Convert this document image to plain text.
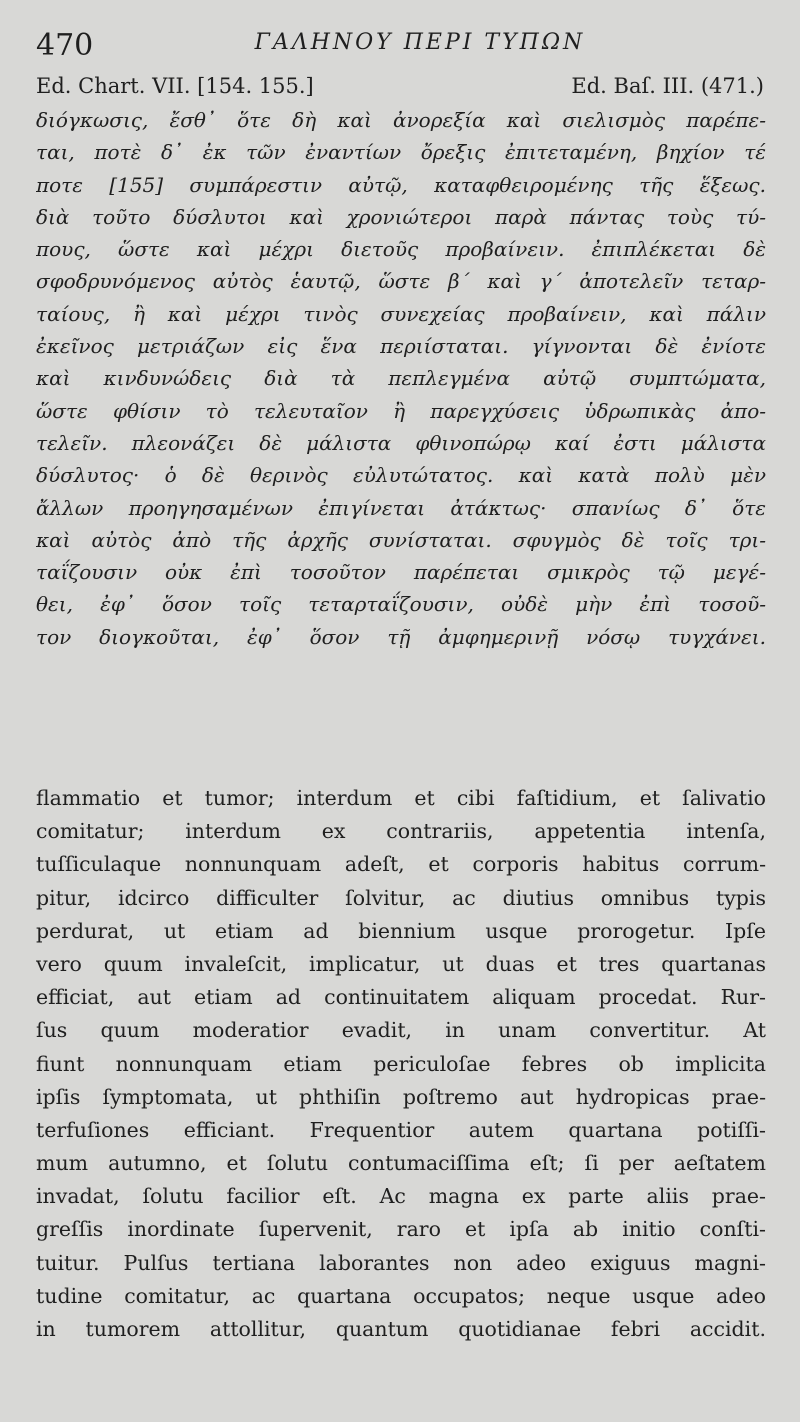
470	ΓΑΛΗΝΟΥ ΠΕΡΙ ΤΥΠΩΝ
Ed. Chart. VII. [154. 155.]	Ed. Baſ. III. (471.)
διόγκωσις, ἔσθ᾽ ὅτε δὴ καὶ ἀνορεξία καὶ σιελισμὸς παρέπε-
ται, ποτὲ δ᾽ ἐκ τῶν ἐναντίων ὄρεξις ἐπιτεταμένη, βηχίον τέ
ποτε [155] συμπάρεστιν αὐτῷ, καταφθειρομένης τῆς ἕξεως.
διὰ τοῦτο δύσλυτοι καὶ χρονιώτεροι παρὰ πάντας τοὺς τύ-
πους, ὥστε καὶ μέχρι διετοῦς προβαίνειν. ἐπιπλέκεται δὲ
σφοδρυνόμενος αὐτὸς ἑαυτῷ, ὥστε β΄ καὶ γ΄ ἀποτελεῖν τεταρ-
ταίους, ἢ καὶ μέχρι τινὸς συνεχείας προβαίνειν, καὶ πάλιν
ἐκεῖνος μετριάζων εἰς ἕνα περιίσταται. γίγνονται δὲ ἐνίοτε
καὶ κινδυνώδεις διὰ τὰ πεπλεγμένα αὐτῷ συμπτώματα,
ὥστε φθίσιν τὸ τελευταῖον ἢ παρεγχύσεις ὑδρωπικὰς ἀπο-
τελεῖν. πλεονάζει δὲ μάλιστα φθινοπώρῳ καί ἐστι μάλιστα
δύσλυτος· ὁ δὲ θερινὸς εὐλυτώτατος. καὶ κατὰ πολὺ μὲν
ἄλλων προηγησαμένων ἐπιγίνεται ἀτάκτως· σπανίως δ᾽ ὅτε
καὶ αὐτὸς ἀπὸ τῆς ἀρχῆς συνίσταται. σφυγμὸς δὲ τοῖς τρι-
ταΐζουσιν οὐκ ἐπὶ τοσοῦτον παρέπεται σμικρὸς τῷ μεγέ-
θει, ἐφ᾽ ὅσον τοῖς τεταρταΐζουσιν, οὐδὲ μὴν ἐπὶ τοσοῦ-
τον διογκοῦται, ἐφ᾽ ὅσον τῇ ἀμφημερινῇ νόσῳ τυγχάνει.
flammatio et tumor; interdum et cibi faſtidium, et ſalivatio
comitatur; interdum ex contrariis, appetentia intenſa,
tuſſiculaque nonnunquam adeſt, et corporis habitus corrum-
pitur, idcirco difficulter ſolvitur, ac diutius omnibus typis
perdurat, ut etiam ad biennium usque prorogetur. Ipſe
vero quum invaleſcit, implicatur, ut duas et tres quartanas
efficiat, aut etiam ad continuitatem aliquam procedat. Rur-
ſus quum moderatior evadit, in unam convertitur. At
fiunt nonnunquam etiam periculoſae febres ob implicita
ipſis ſymptomata, ut phthiſin poſtremo aut hydropicas prae-
terfuſiones efficiant. Frequentior autem quartana potiſſi-
mum autumno, et ſolutu contumaciſſima eſt; ſi per aeſtatem
invadat, ſolutu facilior eſt. Ac magna ex parte aliis prae-
greſſis inordinate ſupervenit, raro et ipſa ab initio conſti-
tuitur. Pulſus tertiana laborantes non adeo exiguus magni-
tudine comitatur, ac quartana occupatos; neque usque adeo
in tumorem attollitur, quantum quotidianae febri accidit.
